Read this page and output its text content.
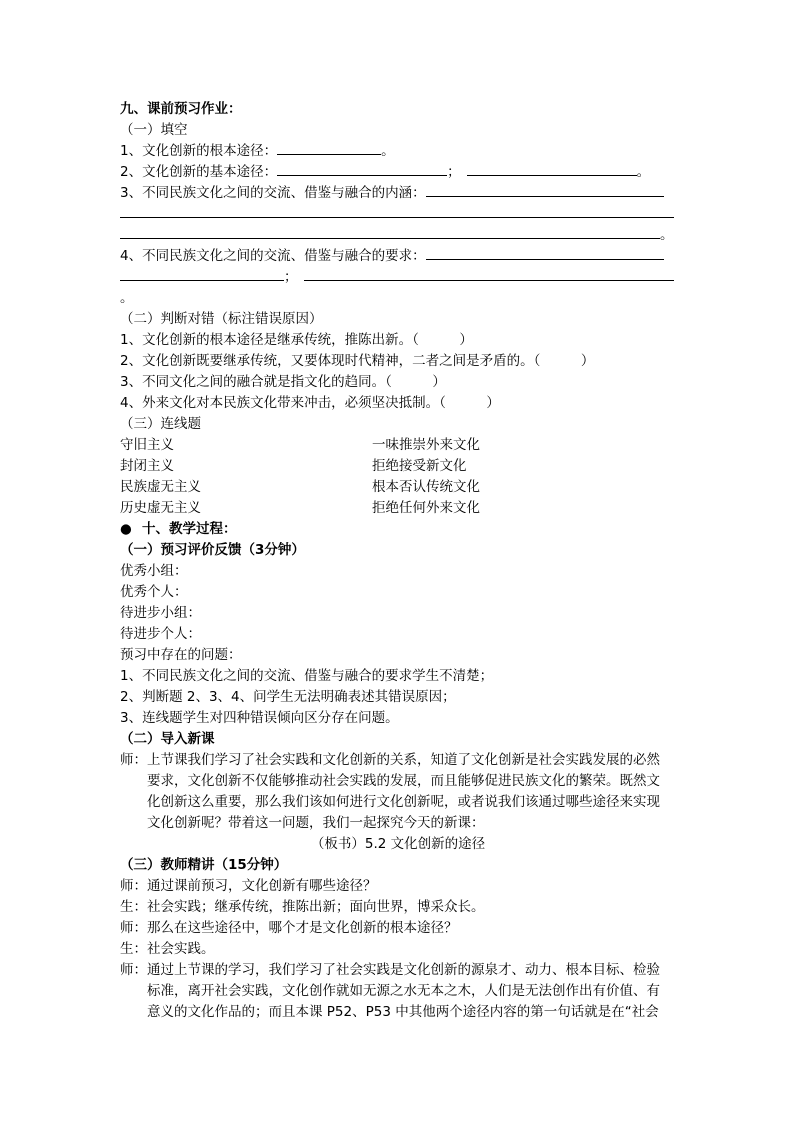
九、课前预习作业：
（一）填空
1、文化创新的根本途径：	。
2、文化创新的基本途径：	；	。
3、不同民族文化之间的交流、借鉴与融合的内涵：
。
4、不同民族文化之间的交流、借鉴与融合的要求：
；
。
（二）判断对错（标注错误原因）
1、文化创新的根本途径是继承传统，推陈出新。（　　　）
2、文化创新既要继承传统，又要体现时代精神，二者之间是矛盾的。（　　　）
3、不同文化之间的融合就是指文化的趋同。（　　　）
4、外来文化对本民族文化带来冲击，必须坚决抵制。（　　　）
（三）连线题
守旧主义	一味推崇外来文化
封闭主义	拒绝接受新文化
民族虚无主义	根本否认传统文化
历史虚无主义	拒绝任何外来文化
● 十、教学过程：
（一）预习评价反馈（3分钟）
优秀小组：
优秀个人：
待进步小组：
待进步个人：
预习中存在的问题：
1、不同民族文化之间的交流、借鉴与融合的要求学生不清楚；
2、判断题 2、3、4、问学生无法明确表述其错误原因；
3、连线题学生对四种错误倾向区分存在问题。
（二）导入新课
师：上节课我们学习了社会实践和文化创新的关系，知道了文化创新是社会实践发展的必然
要求，文化创新不仅能够推动社会实践的发展，而且能够促进民族文化的繁荣。既然文
化创新这么重要，那么我们该如何进行文化创新呢，或者说我们该通过哪些途径来实现
文化创新呢？带着这一问题，我们一起探究今天的新课：
（板书）5.2 文化创新的途径
（三）教师精讲（15分钟）
师：通过课前预习，文化创新有哪些途径？
生：社会实践；继承传统，推陈出新；面向世界，博采众长。
师：那么在这些途径中，哪个才是文化创新的根本途径？
生：社会实践。
师：通过上节课的学习，我们学习了社会实践是文化创新的源泉才、动力、根本目标、检验
标准，离开社会实践，文化创作就如无源之水无本之木，人们是无法创作出有价值、有
意义的文化作品的；而且本课 P52、P53 中其他两个途径内容的第一句话就是在“社会
